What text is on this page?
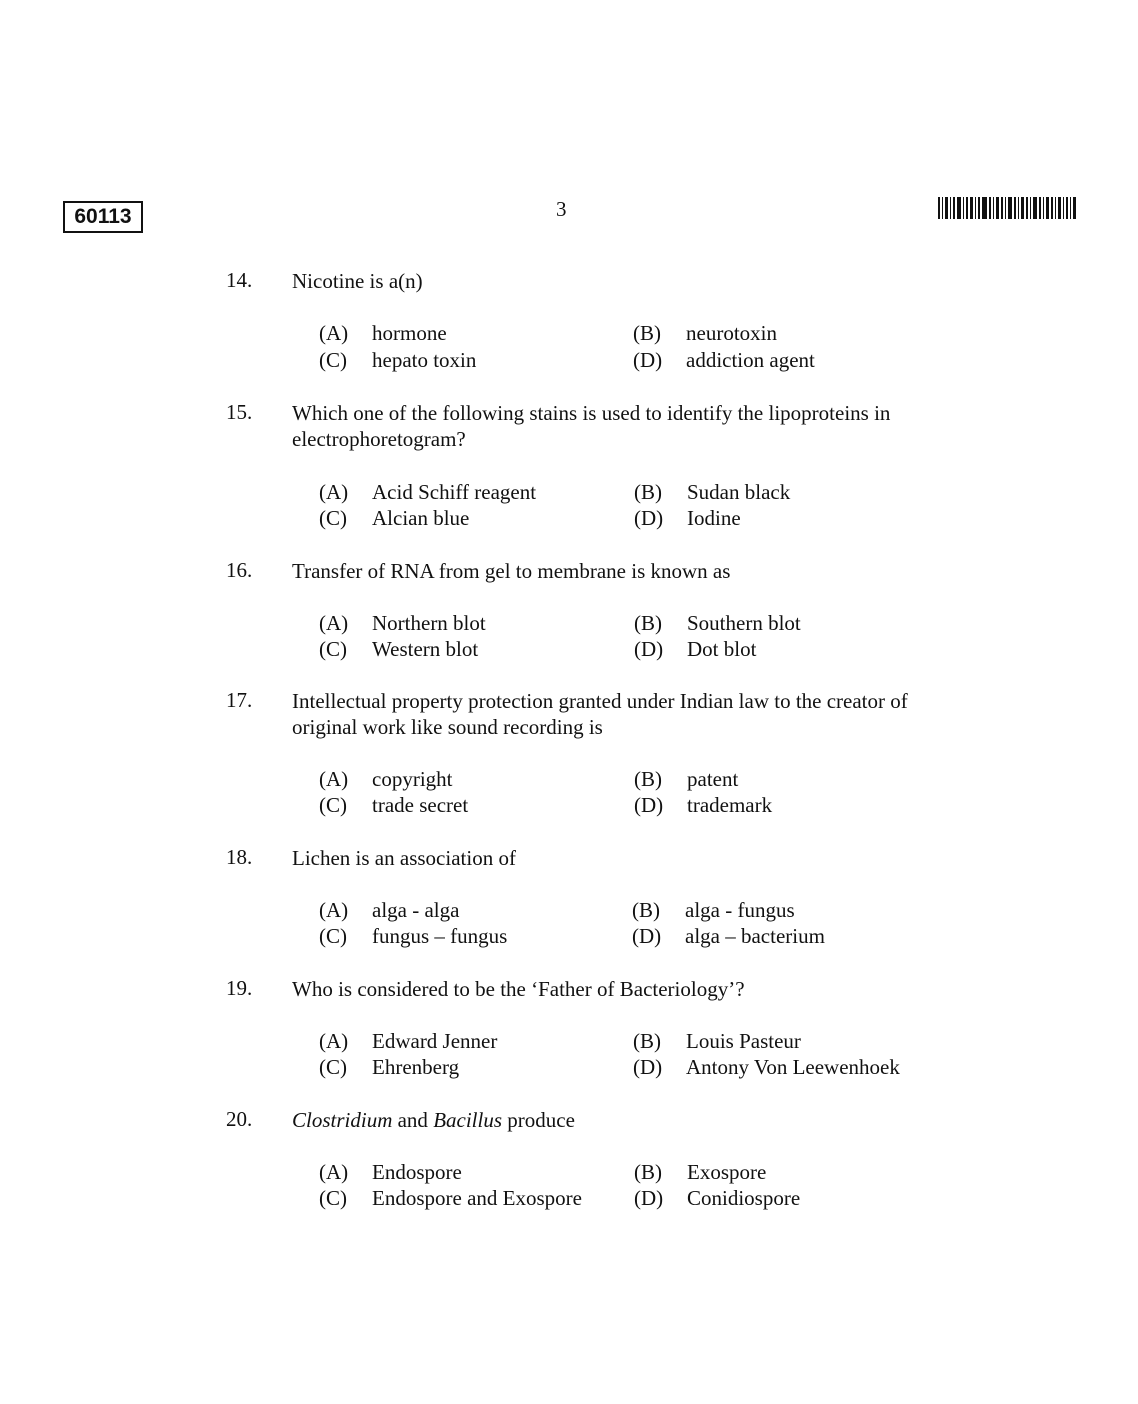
60113	3
14. Nicotine is a(n)
(A) hormone	(B) neurotoxin
(C) hepato toxin	(D) addiction agent
15. Which one of the following stains is used to identify the lipoproteins in electrophoretogram?
(A) Acid Schiff reagent	(B) Sudan black
(C) Alcian blue	(D) Iodine
16. Transfer of RNA from gel to membrane is known as
(A) Northern blot	(B) Southern blot
(C) Western blot	(D) Dot blot
17. Intellectual property protection granted under Indian law to the creator of original work like sound recording is
(A) copyright	(B) patent
(C) trade secret	(D) trademark
18. Lichen is an association of
(A) alga - alga	(B) alga - fungus
(C) fungus – fungus	(D) alga – bacterium
19. Who is considered to be the ‘Father of Bacteriology’?
(A) Edward Jenner	(B) Louis Pasteur
(C) Ehrenberg	(D) Antony Von Leewenhoek
20. Clostridium and Bacillus produce
(A) Endospore	(B) Exospore
(C) Endospore and Exospore (D) Conidiospore
